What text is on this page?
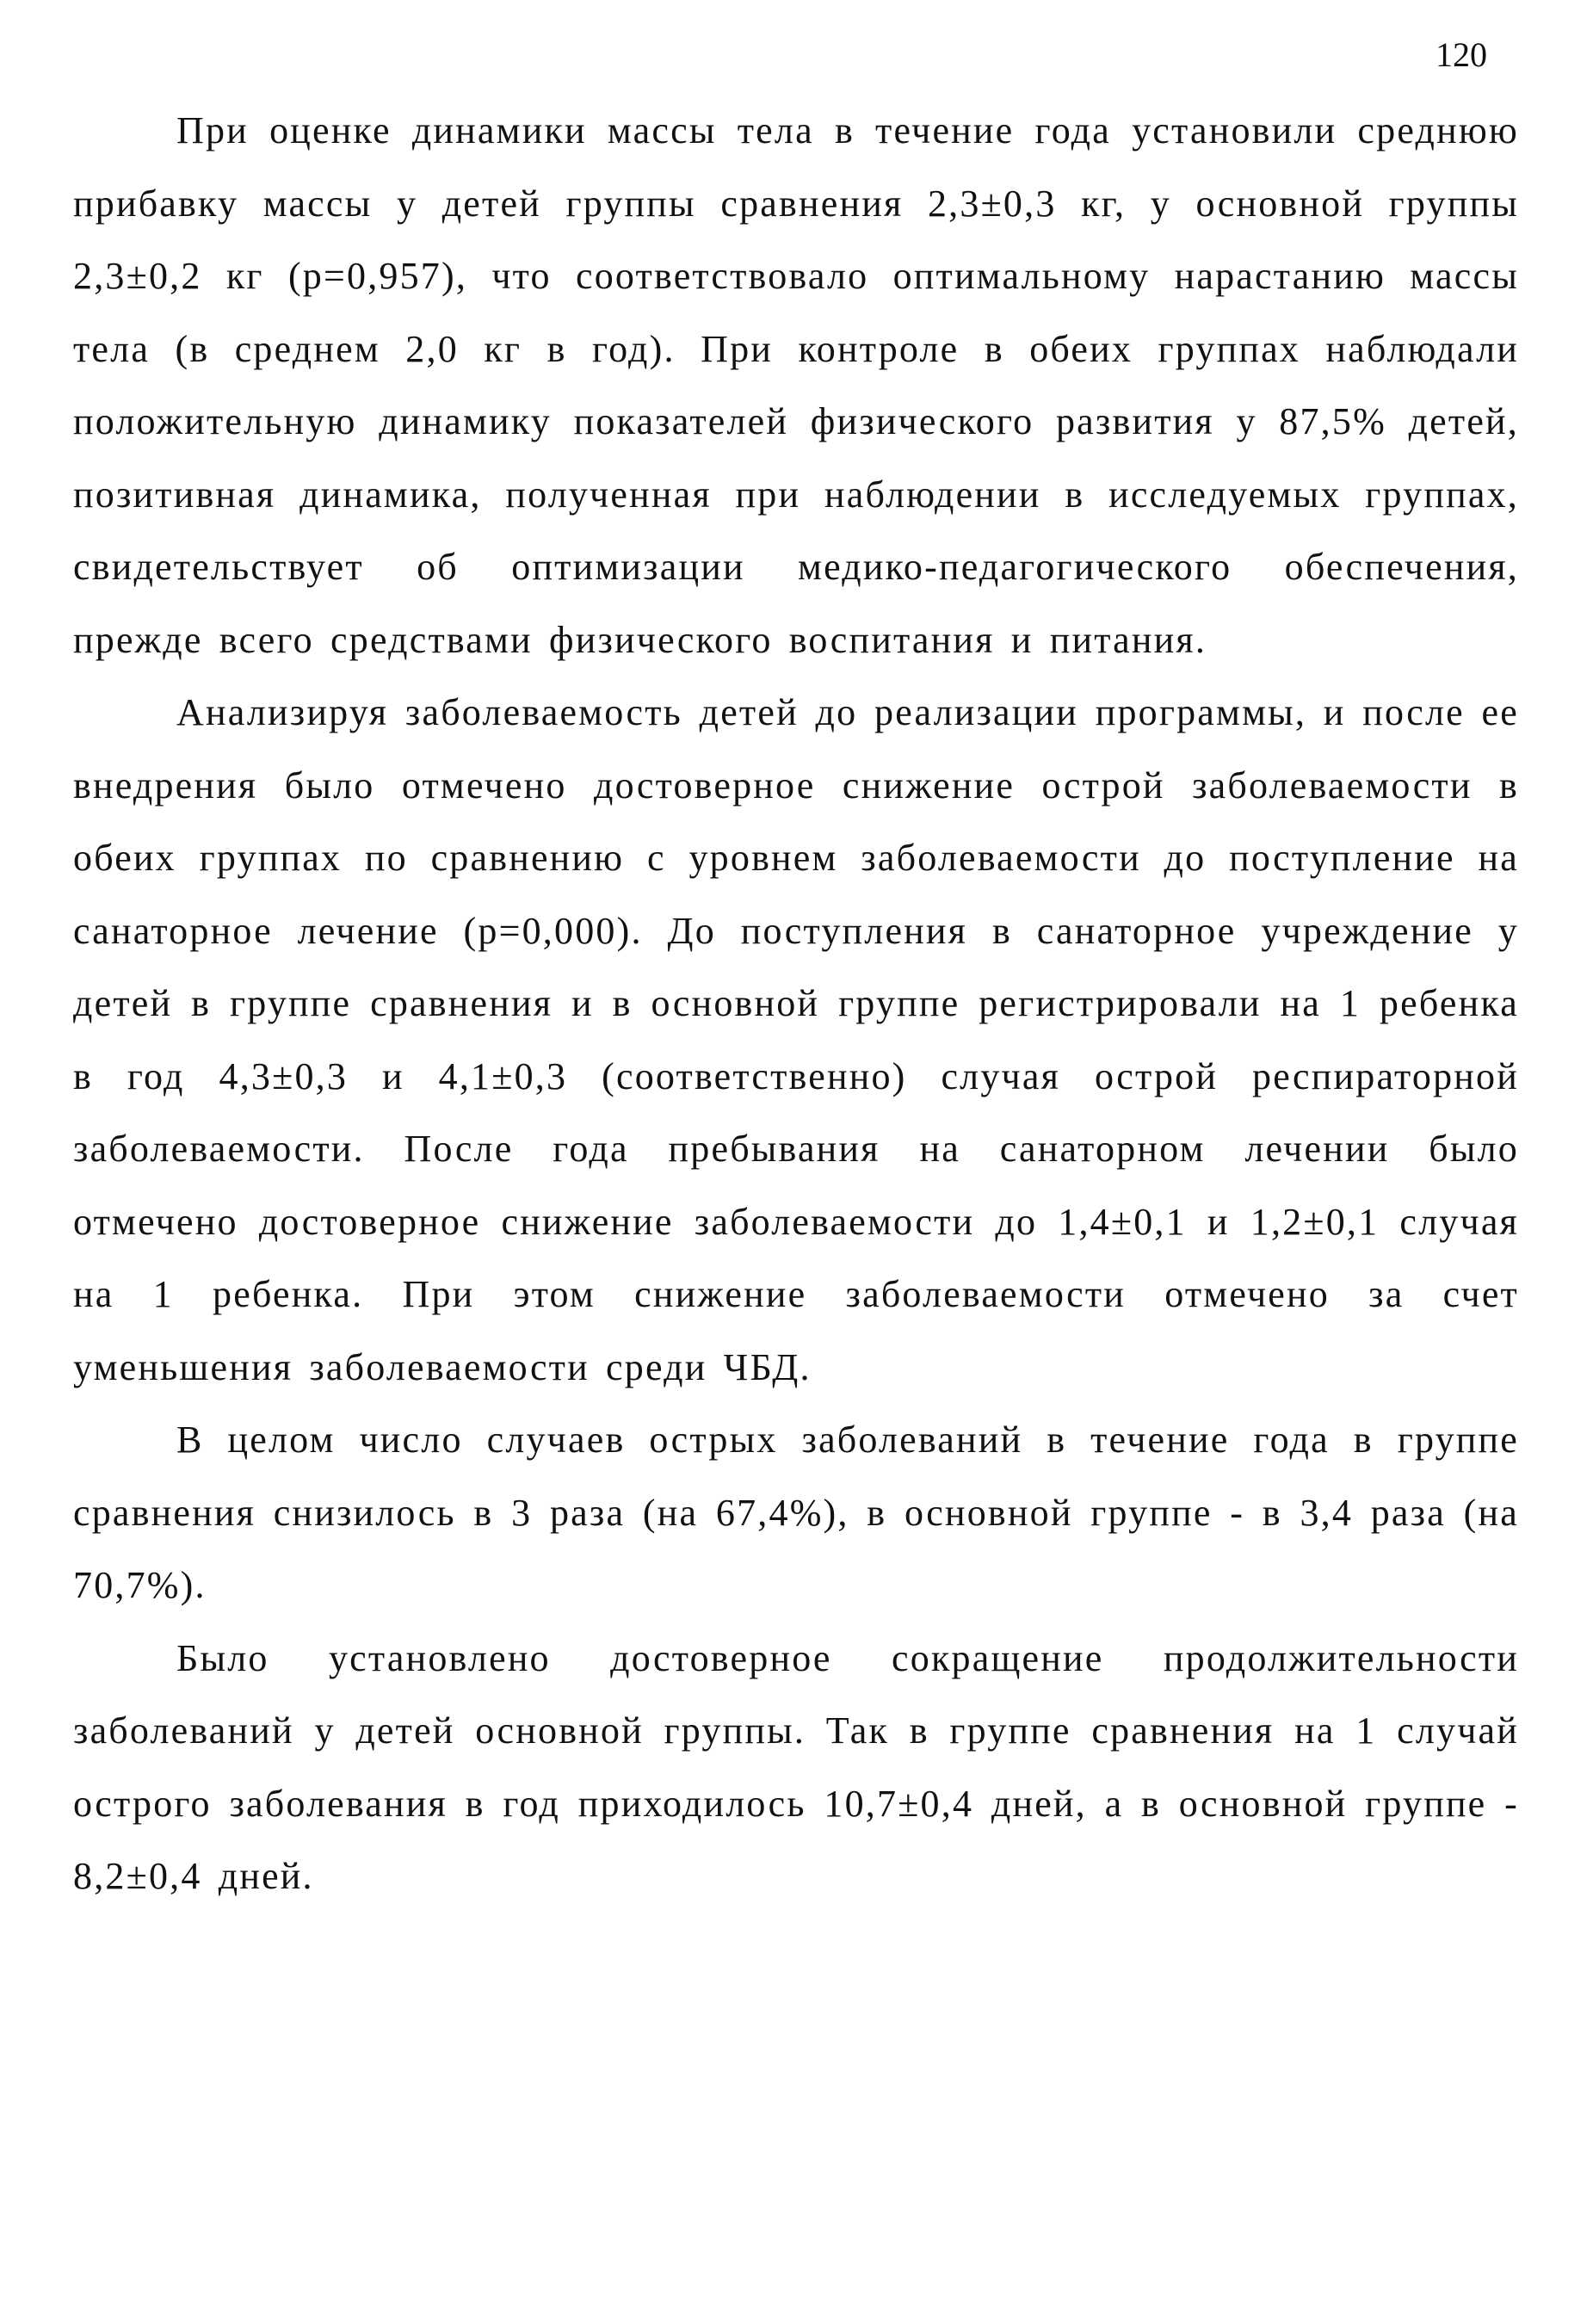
120

При оценке динамики массы тела в течение года установили среднюю прибавку массы у детей группы сравнения 2,3±0,3 кг, у основной группы 2,3±0,2 кг (p=0,957), что соответствовало оптимальному нарастанию массы тела (в среднем 2,0 кг в год). При контроле в обеих группах наблюдали положительную динамику показателей физического развития у 87,5% детей, позитивная динамика, полученная при наблюдении в исследуемых группах, свидетельствует об оптимизации медико-педагогического обеспечения, прежде всего средствами физического воспитания и питания.

Анализируя заболеваемость детей до реализации программы, и после ее внедрения было отмечено достоверное снижение острой заболеваемости в обеих группах по сравнению с уровнем заболеваемости до поступление на санаторное лечение (p=0,000). До поступления в санаторное учреждение у детей в группе сравнения и в основной группе регистрировали на 1 ребенка в год 4,3±0,3 и 4,1±0,3 (соответственно) случая острой респираторной заболеваемости. После года пребывания на санаторном лечении было отмечено достоверное снижение заболеваемости до 1,4±0,1 и 1,2±0,1 случая на 1 ребенка. При этом снижение заболеваемости отмечено за счет уменьшения заболеваемости среди ЧБД.

В целом число случаев острых заболеваний в течение года в группе сравнения снизилось в 3 раза (на 67,4%), в основной группе - в 3,4 раза (на 70,7%).

Было установлено достоверное сокращение продолжительности заболеваний у детей основной группы. Так в группе сравнения на 1 случай острого заболевания в год приходилось 10,7±0,4 дней, а в основной группе - 8,2±0,4 дней.
